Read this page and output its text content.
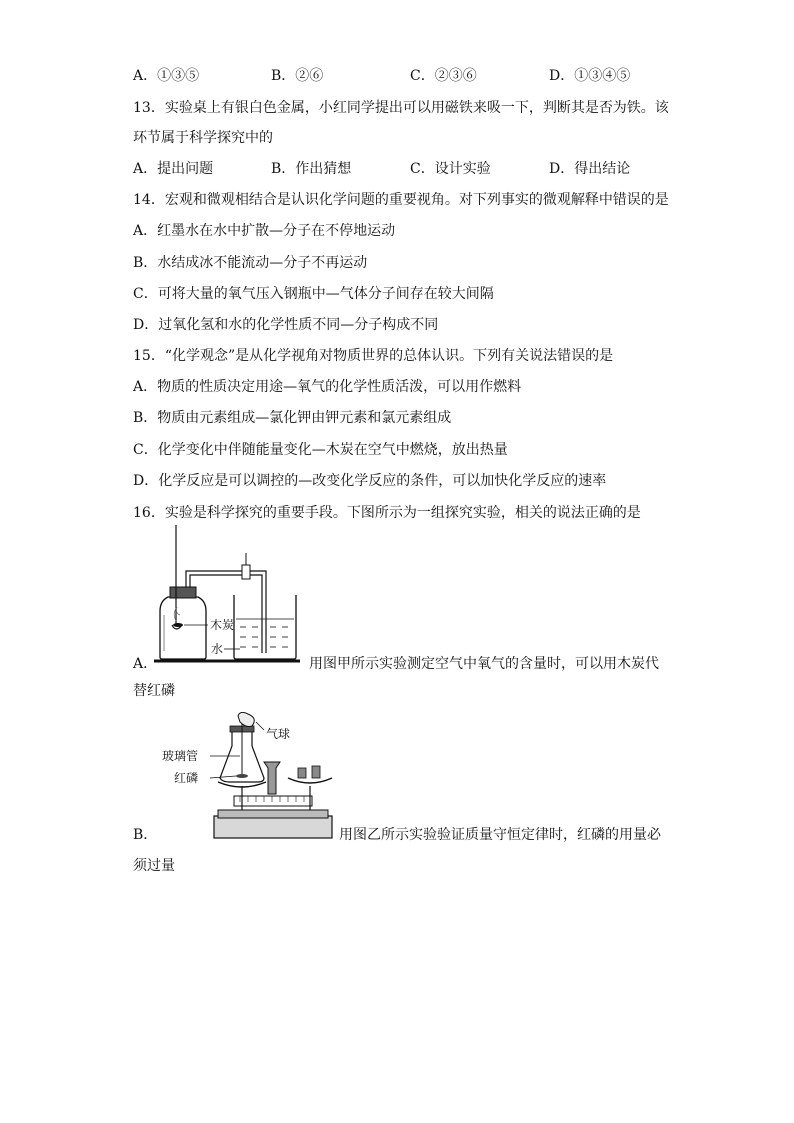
A．①③⑤	B．②⑥	C．②③⑥	D．①③④⑤
13．实验桌上有银白色金属，小红同学提出可以用磁铁来吸一下，判断其是否为铁。该
环节属于科学探究中的
A．提出问题	B．作出猜想	C．设计实验	D．得出结论
14．宏观和微观相结合是认识化学问题的重要视角。对下列事实的微观解释中错误的是
A．红墨水在水中扩散—分子在不停地运动
B．水结成冰不能流动—分子不再运动
C．可将大量的氧气压入钢瓶中—气体分子间存在较大间隔
D．过氧化氢和水的化学性质不同—分子构成不同
15．“化学观念”是从化学视角对物质世界的总体认识。下列有关说法错误的是
A．物质的性质决定用途—氧气的化学性质活泼，可以用作燃料
B．物质由元素组成—氯化钾由钾元素和氯元素组成
C．化学变化中伴随能量变化—木炭在空气中燃烧，放出热量
D．化学反应是可以调控的—改变化学反应的条件，可以加快化学反应的速率
16．实验是科学探究的重要手段。下图所示为一组探究实验，相关的说法正确的是
木炭
水
A．	用图甲所示实验测定空气中氧气的含量时，可以用木炭代
替红磷
气球
玻璃管
红磷
B．	用图乙所示实验验证质量守恒定律时，红磷的用量必
须过量
